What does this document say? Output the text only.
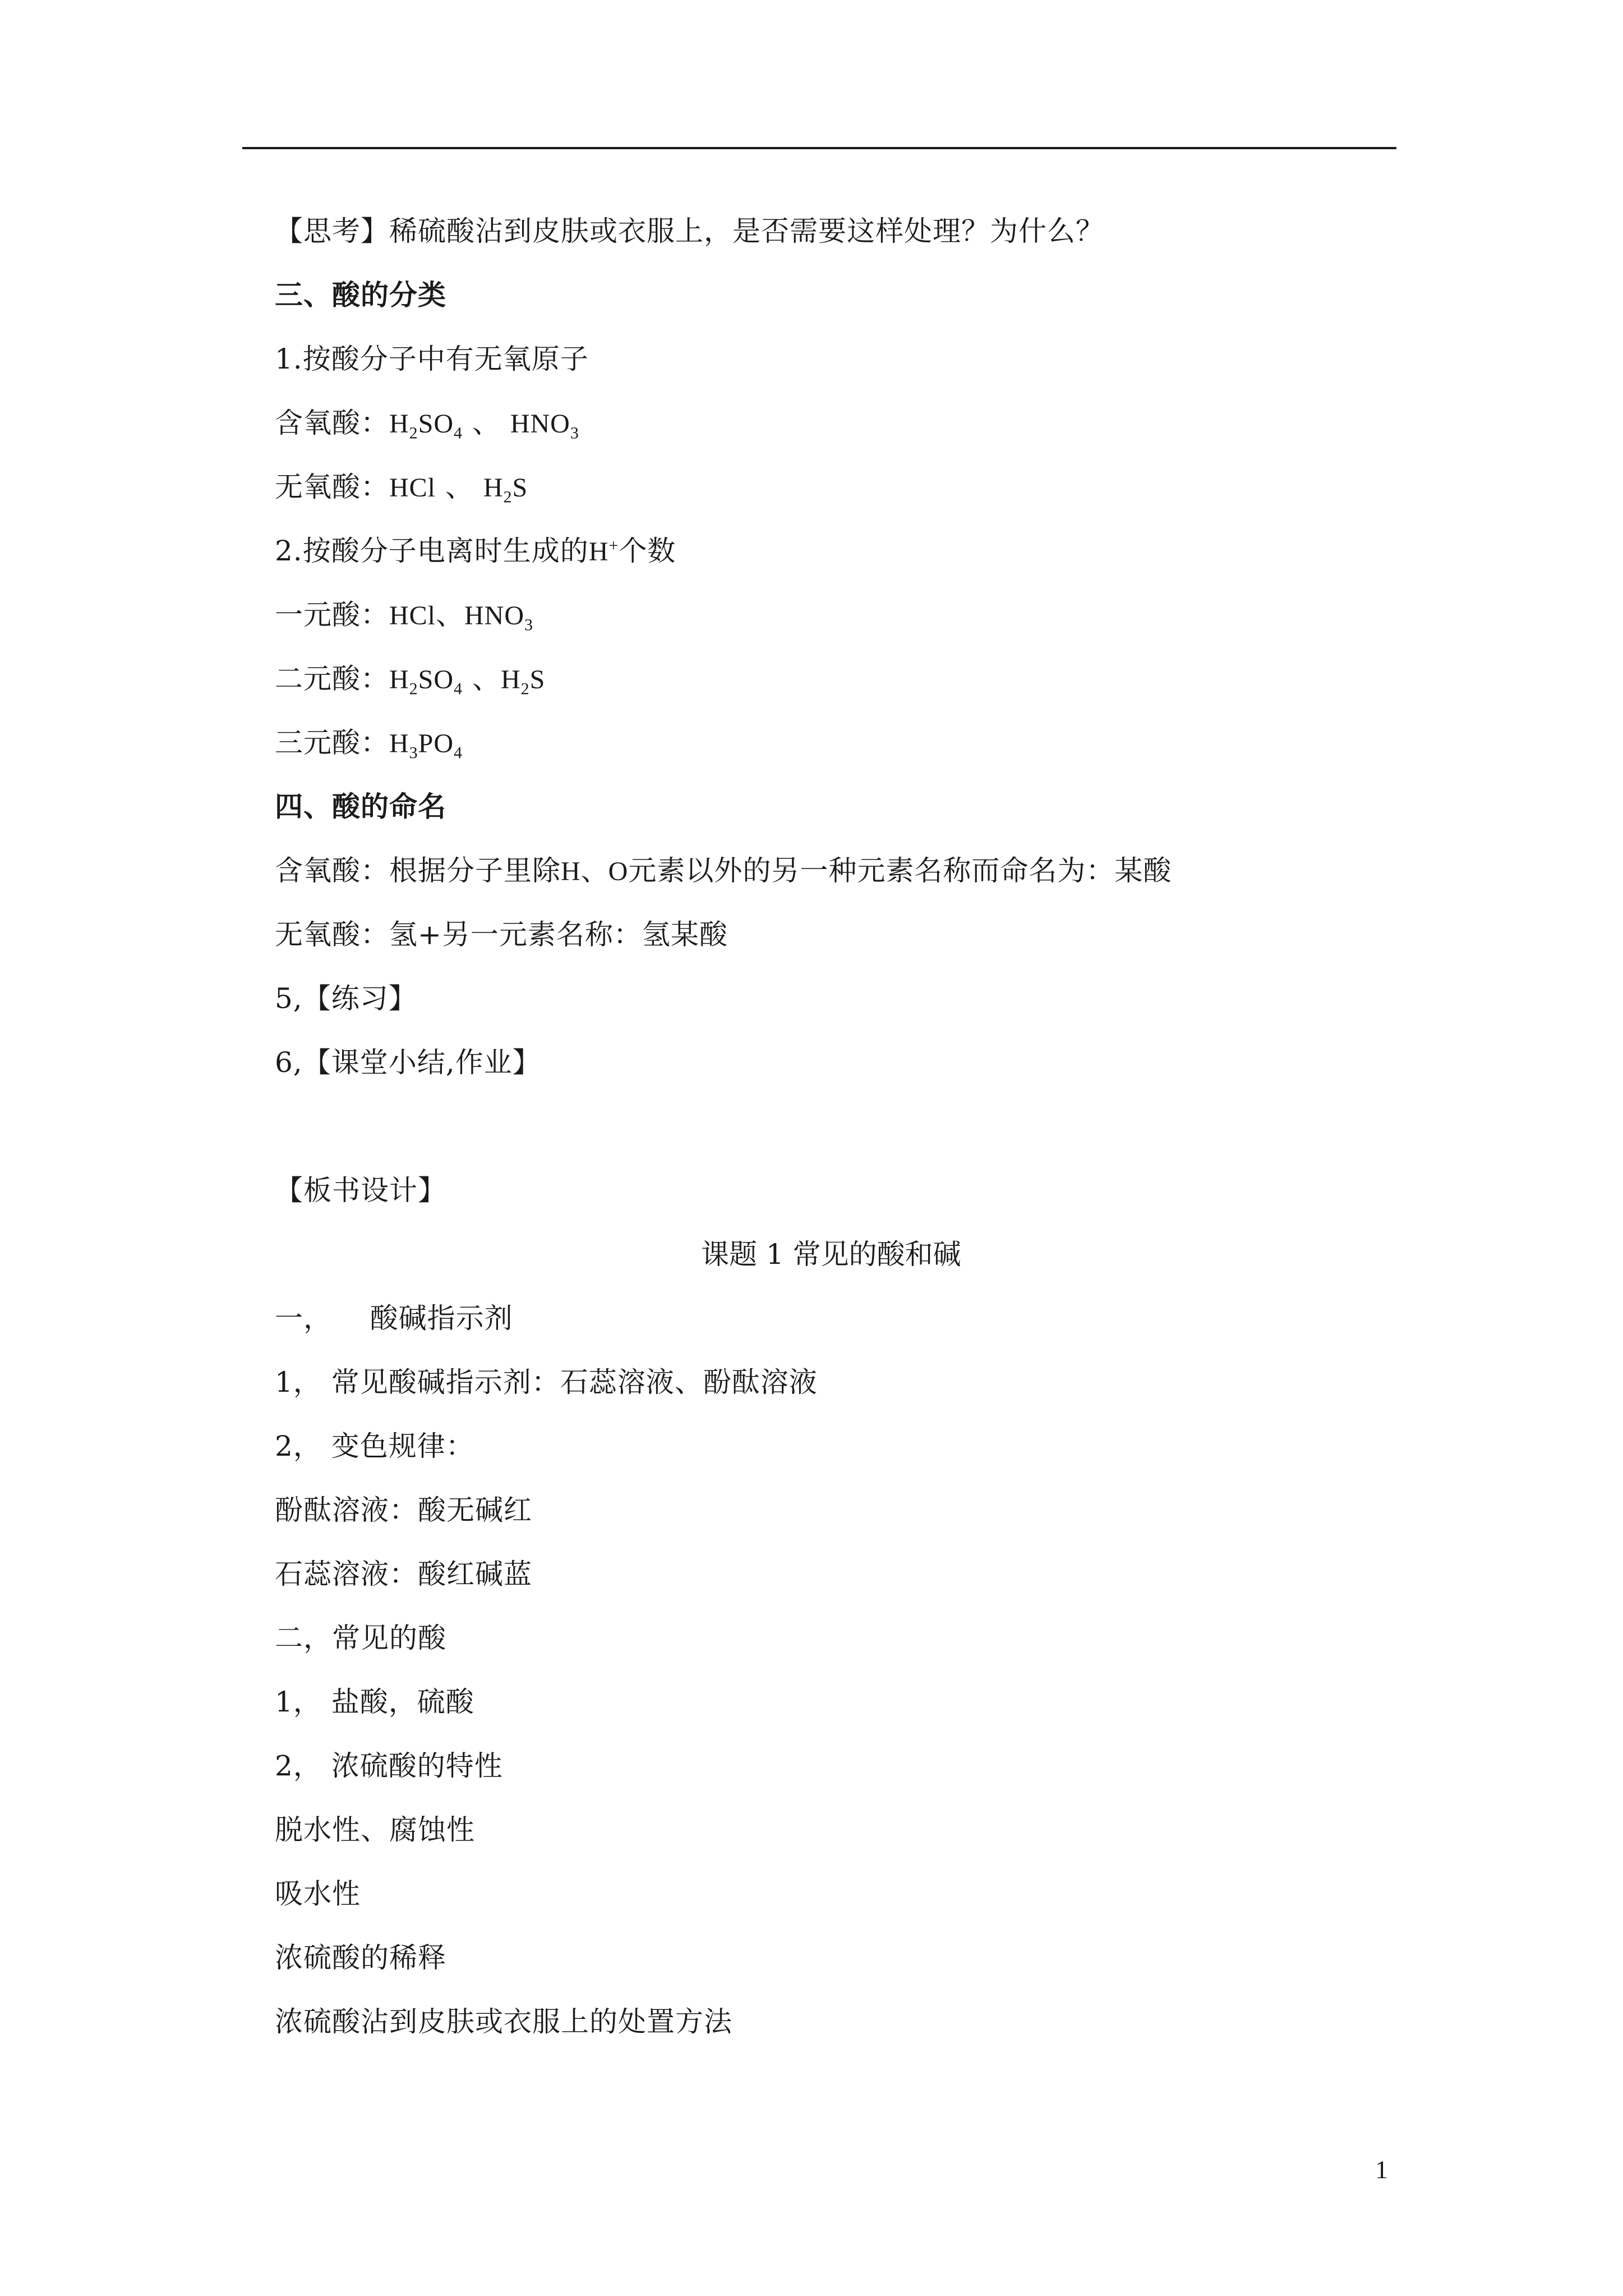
【思考】稀硫酸沾到皮肤或衣服上，是否需要这样处理？为什么？
三、酸的分类
1.按酸分子中有无氧原子
含氧酸：$H_2SO_4$ 、 $HNO_3$
无氧酸：HCl 、 $H_2S$
2.按酸分子电离时生成的H+个数
一元酸：HCl、$HNO_3$
二元酸：$H_2SO_4$ 、$H_2S$
三元酸：$H_3PO_4$
四、酸的命名
含氧酸：根据分子里除H、O元素以外的另一种元素名称而命名为：某酸
无氧酸：氢+另一元素名称：氢某酸
5,【练习】
6,【课堂小结,作业】
【板书设计】
课题 1 常见的酸和碱
一，    酸碱指示剂
1， 常见酸碱指示剂：石蕊溶液、酚酞溶液
2， 变色规律：
酚酞溶液：酸无碱红
石蕊溶液：酸红碱蓝
二，常见的酸
1， 盐酸，硫酸
2， 浓硫酸的特性
脱水性、腐蚀性
吸水性
浓硫酸的稀释
浓硫酸沾到皮肤或衣服上的处置方法
1
